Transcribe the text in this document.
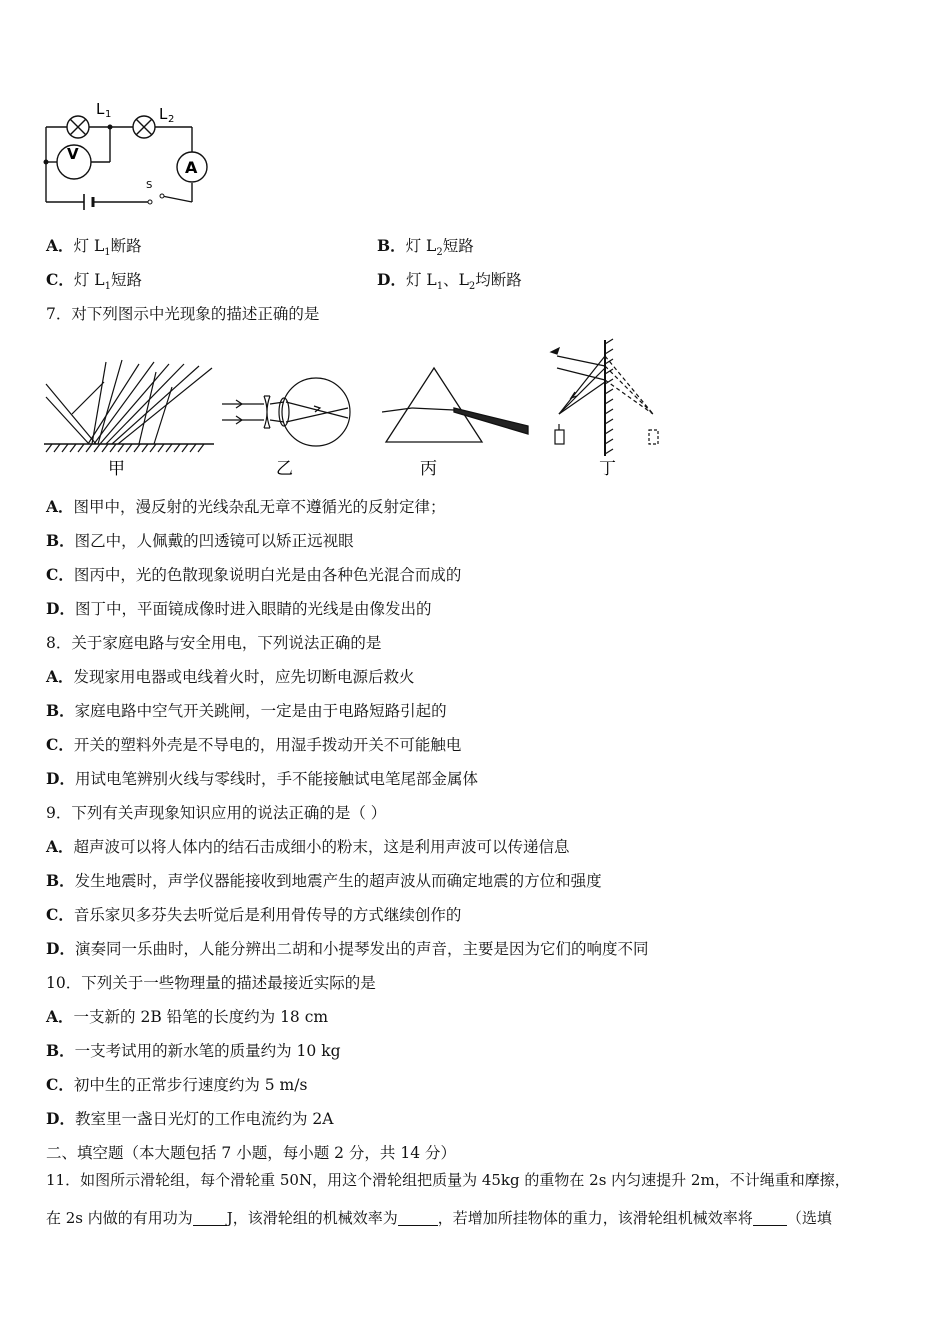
V
A
L 1	L 2
S
A．灯 $L_1$断路	B．灯 $L_2$短路
C．灯 $L_1$短路	D．灯 $L_1$、$L_2$均断路
7．对下列图示中光现象的描述正确的是
甲	乙	丙	丁
A．图甲中，漫反射的光线杂乱无章不遵循光的反射定律；
B．图乙中，人佩戴的凹透镜可以矫正远视眼
C．图丙中，光的色散现象说明白光是由各种色光混合而成的
D．图丁中，平面镜成像时进入眼睛的光线是由像发出的
8．关于家庭电路与安全用电，下列说法正确的是
A．发现家用电器或电线着火时，应先切断电源后救火
B．家庭电路中空气开关跳闸，一定是由于电路短路引起的
C．开关的塑料外壳是不导电的，用湿手拨动开关不可能触电
D．用试电笔辨别火线与零线时，手不能接触试电笔尾部金属体
9．下列有关声现象知识应用的说法正确的是（ ）
A．超声波可以将人体内的结石击成细小的粉末，这是利用声波可以传递信息
B．发生地震时，声学仪器能接收到地震产生的超声波从而确定地震的方位和强度
C．音乐家贝多芬失去听觉后是利用骨传导的方式继续创作的
D．演奏同一乐曲时，人能分辨出二胡和小提琴发出的声音，主要是因为它们的响度不同
10．下列关于一些物理量的描述最接近实际的是
A．一支新的 2B 铅笔的长度约为 18 cm
B．一支考试用的新水笔的质量约为 10 kg
C．初中生的正常步行速度约为 5 m/s
D．教室里一盏日光灯的工作电流约为 2A
二、填空题（本大题包括 7 小题，每小题 2 分，共 14 分）
11．如图所示滑轮组，每个滑轮重 50N，用这个滑轮组把质量为 45kg 的重物在 2s 内匀速提升 2m，不计绳重和摩擦，
在 2s 内做的有用功为 J，该滑轮组的机械效率为	，若增加所挂物体的重力，该滑轮组机械效率将 （选填
